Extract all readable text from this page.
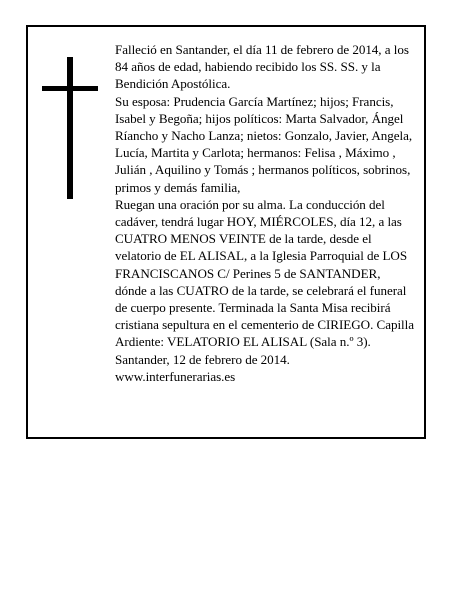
Falleció en Santander, el día 11 de febrero de 2014, a los 84 años de edad, habiendo recibido los SS. SS. y la Bendición Apostólica.

Su esposa: Prudencia García Martínez; hijos; Francis, Isabel y Begoña; hijos políticos: Marta Salvador, Ángel Ríancho y Nacho Lanza; nietos: Gonzalo, Javier, Angela, Lucía, Martita y Carlota; hermanos: Felisa , Máximo , Julián , Aquilino y Tomás ; hermanos políticos, sobrinos, primos y demás familia,

Ruegan una oración por su alma. La conducción del cadáver, tendrá lugar HOY, MIÉRCOLES, día 12, a las CUATRO MENOS VEINTE de la tarde, desde el velatorio de EL ALISAL, a la Iglesia Parroquial de LOS FRANCISCANOS C/ Perines 5 de SANTANDER, dónde a las CUATRO de la tarde, se celebrará el funeral de cuerpo presente. Terminada la Santa Misa recibirá cristiana sepultura en el cementerio de CIRIEGO. Capilla Ardiente: VELATORIO EL ALISAL (Sala n.º 3).

Santander, 12 de febrero de 2014.

www.interfunerarias.es
